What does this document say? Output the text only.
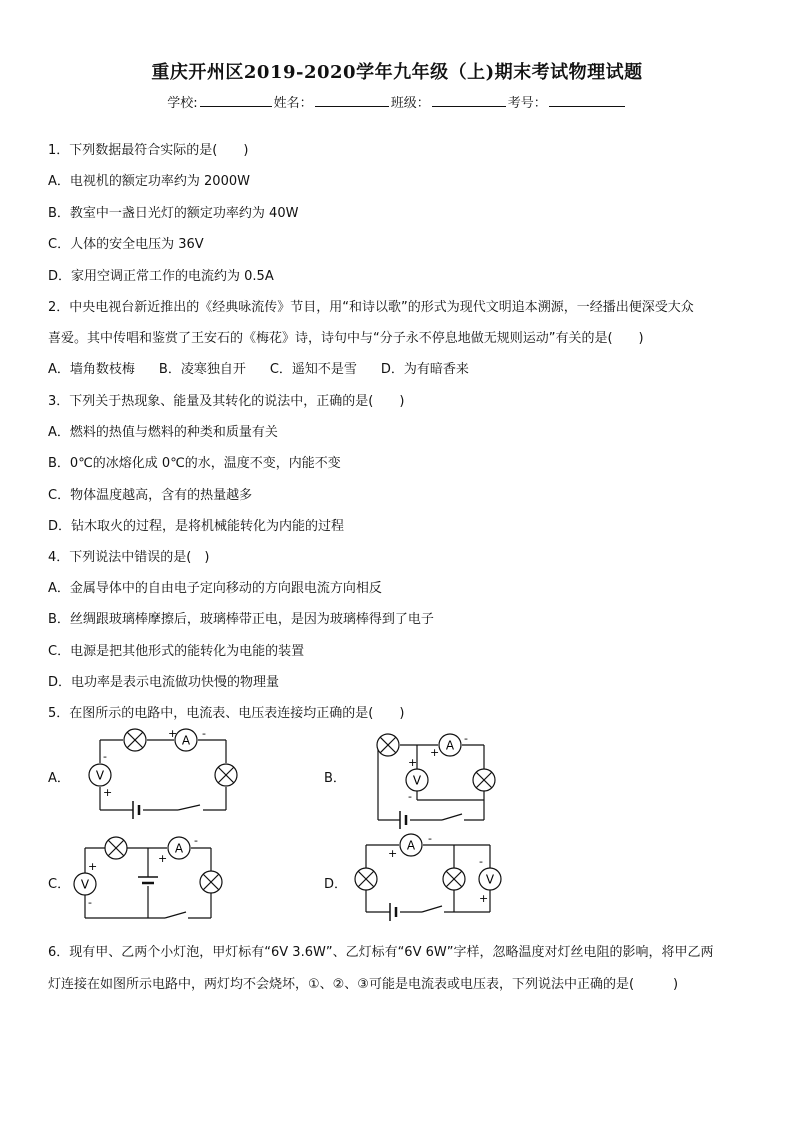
重庆开州区2019-2020学年九年级（上)期末考试物理试题
学校:	姓名：	班级：	考号：
1．下列数据最符合实际的是(　　)
A．电视机的额定功率约为 2000W
B．教室中一盏日光灯的额定功率约为 40W
C．人体的安全电压为 36V
D．家用空调正常工作的电流约为 0.5A
2．中央电视台新近推出的《经典咏流传》节目，用“和诗以歌”的形式为现代文明追本溯源，一经播出便深受大众
喜爱。其中传唱和鉴赏了王安石的《梅花》诗，诗句中与“分子永不停息地做无规则运动”有关的是(　　)
A．墙角数枝梅 B．凌寒独自开 C．遥知不是雪 D．为有暗香来
3．下列关于热现象、能量及其转化的说法中，正确的是(　　)
A．燃料的热值与燃料的种类和质量有关
B．0℃的冰熔化成 0℃的水，温度不变，内能不变
C．物体温度越高，含有的热量越多
D．钻木取火的过程，是将机械能转化为内能的过程
4．下列说法中错误的是(　)
A．金属导体中的自由电子定向移动的方向跟电流方向相反
B．丝绸跟玻璃棒摩擦后，玻璃棒带正电，是因为玻璃棒得到了电子
C．电源是把其他形式的能转化为电能的装置
D．电功率是表示电流做功快慢的物理量
5．在图所示的电路中，电流表、电压表连接均正确的是(　　)
A．	B．
C．	D．
A
V
+ -
-
+
A
V
+
-
+
-
A
V
+
-
+
-
A
V
+
-
-
+
6．现有甲、乙两个小灯泡，甲灯标有“6V 3.6W”、乙灯标有“6V 6W”字样，忽略温度对灯丝电阻的影响，将甲乙两
灯连接在如图所示电路中，两灯均不会烧坏，①、②、③可能是电流表或电压表，下列说法中正确的是(　　　)
